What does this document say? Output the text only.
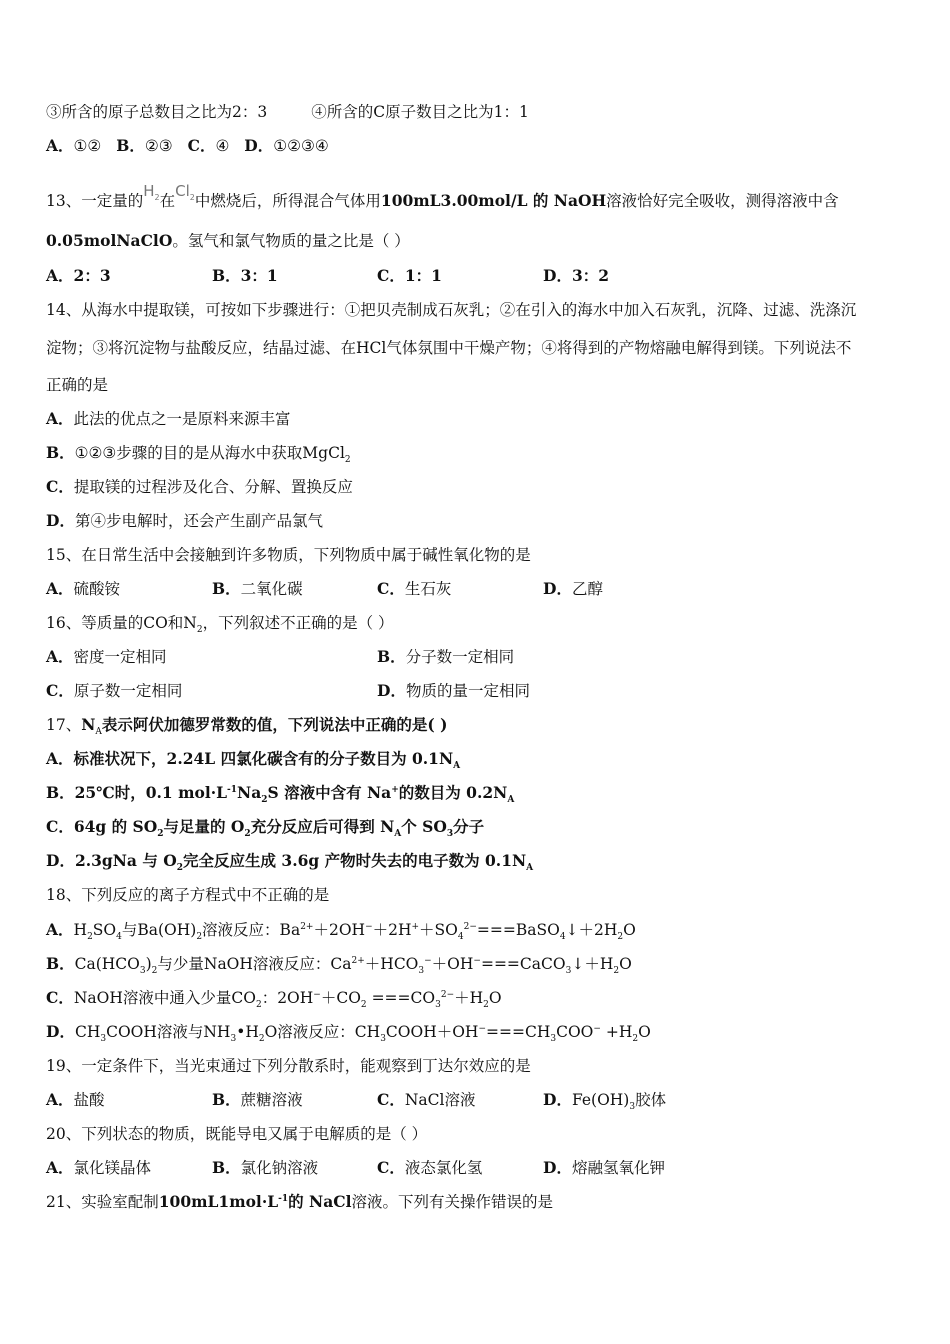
③所含的原子总数目之比为2：3	④所含的C原子数目之比为1：1
A．①② B．②③ C．④ D．①②③④
13、一定量的$H_2$在$Cl_2$中燃烧后，所得混合气体用100mL3.00mol/L 的 NaOH溶液恰好完全吸收，测得溶液中含
0.05molNaClO。氢气和氯气物质的量之比是（ ）
A．2：3	B．3：1	C．1：1	D．3：2
14、从海水中提取镁，可按如下步骤进行：①把贝壳制成石灰乳；②在引入的海水中加入石灰乳，沉降、过滤、洗涤沉
淀物；③将沉淀物与盐酸反应，结晶过滤、在HCl气体氛围中干燥产物；④将得到的产物熔融电解得到镁。下列说法不
正确的是
A．此法的优点之一是原料来源丰富
B．①②③步骤的目的是从海水中获取MgCl$_2$
C．提取镁的过程涉及化合、分解、置换反应
D．第④步电解时，还会产生副产品氯气
15、在日常生活中会接触到许多物质，下列物质中属于碱性氧化物的是
A．硫酸铵	B．二氧化碳	C．生石灰	D．乙醇
16、等质量的CO和$N_2$，下列叙述不正确的是（ ）
A．密度一定相同	B．分子数一定相同
C．原子数一定相同	D．物质的量一定相同
17、$N_A$表示阿伏加德罗常数的值，下列说法中正确的是( )
A．标准状况下，2.24L 四氯化碳含有的分子数目为 $0.1N_A$
B．25℃时，0.1 $mol\cdot L^{-1}Na_2S$ 溶液中含有 Na+的数目为 $0.2N_A$
C．64g 的 $SO_2$与足量的 $O_2$充分反应后可得到 $N_A$个 $SO_3$分子
D．2.3gNa 与 $O_2$完全反应生成 3.6g 产物时失去的电子数为 $0.1N_A$
18、下列反应的离子方程式中不正确的是
A．$H_2SO_4$与$Ba(OH)_2$溶液反应：$Ba^{2+}+2OH^-+2H^++SO_4^{2-}===BaSO_4↓+2H_2O$
B．$Ca(HCO_3)_2$与少量NaOH溶液反应：$Ca^{2+}+HCO_3^-+OH^-===CaCO_3↓+H_2O$
C．NaOH溶液中通入少量$CO_2$：$2OH^-+CO_2 ===CO_3^{2-}+H_2O$
D．$CH_3COOH$溶液与$NH_3•H_2O$溶液反应：$CH_3COOH+OH^-===CH_3COO^- +H_2O$
19、一定条件下，当光束通过下列分散系时，能观察到丁达尔效应的是
A．盐酸	B．蔗糖溶液	C．NaCl溶液	D．$Fe(OH)_3$胶体
20、下列状态的物质，既能导电又属于电解质的是（ ）
A．氯化镁晶体	B．氯化钠溶液	C．液态氯化氢	D．熔融氢氧化钾
21、实验室配制$100mL1mol\cdot L^{-1}$的 NaCl溶液。下列有关操作错误的是
